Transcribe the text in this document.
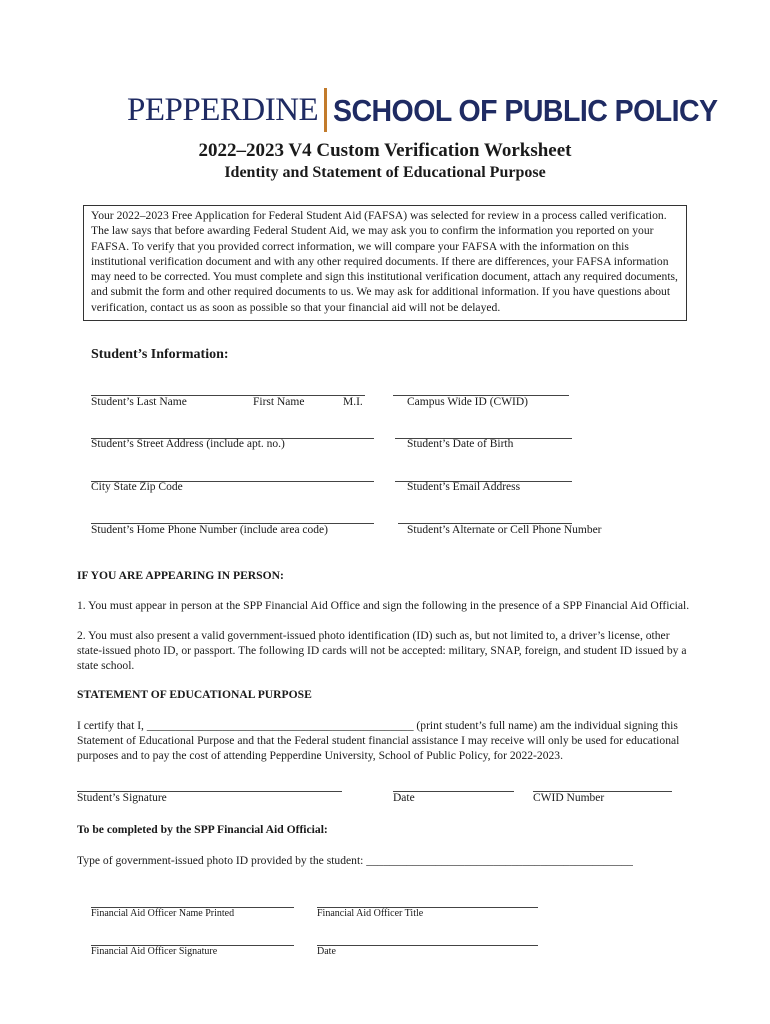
PEPPERDINE SCHOOL OF PUBLIC POLICY
2022–2023 V4 Custom Verification Worksheet
Identity and Statement of Educational Purpose
Your 2022–2023 Free Application for Federal Student Aid (FAFSA) was selected for review in a process called verification. The law says that before awarding Federal Student Aid, we may ask you to confirm the information you reported on your FAFSA. To verify that you provided correct information, we will compare your FAFSA with the information on this institutional verification document and with any other required documents. If there are differences, your FAFSA information may need to be corrected. You must complete and sign this institutional verification document, attach any required documents, and submit the form and other required documents to us. We may ask for additional information. If you have questions about verification, contact us as soon as possible so that your financial aid will not be delayed.
Student’s Information:
Student’s Last Name	First Name	M.I.	Campus Wide ID (CWID)
Student’s Street Address (include apt. no.)	Student’s Date of Birth
City State Zip Code	Student’s Email Address
Student’s Home Phone Number (include area code)	Student’s Alternate or Cell Phone Number
IF YOU ARE APPEARING IN PERSON:
1. You must appear in person at the SPP Financial Aid Office and sign the following in the presence of a SPP Financial Aid Official.
2. You must also present a valid government-issued photo identification (ID) such as, but not limited to, a driver’s license, other state-issued photo ID, or passport. The following ID cards will not be accepted: military, SNAP, foreign, and student ID issued by a state school.
STATEMENT OF EDUCATIONAL PURPOSE
I certify that I, ______________________________________________ (print student’s full name) am the individual signing this Statement of Educational Purpose and that the Federal student financial assistance I may receive will only be used for educational purposes and to pay the cost of attending Pepperdine University, School of Public Policy, for 2022-2023.
Student’s Signature	Date	CWID Number
To be completed by the SPP Financial Aid Official:
Type of government-issued photo ID provided by the student: ______________________________________________
Financial Aid Officer Name Printed	Financial Aid Officer Title
Financial Aid Officer Signature	Date
